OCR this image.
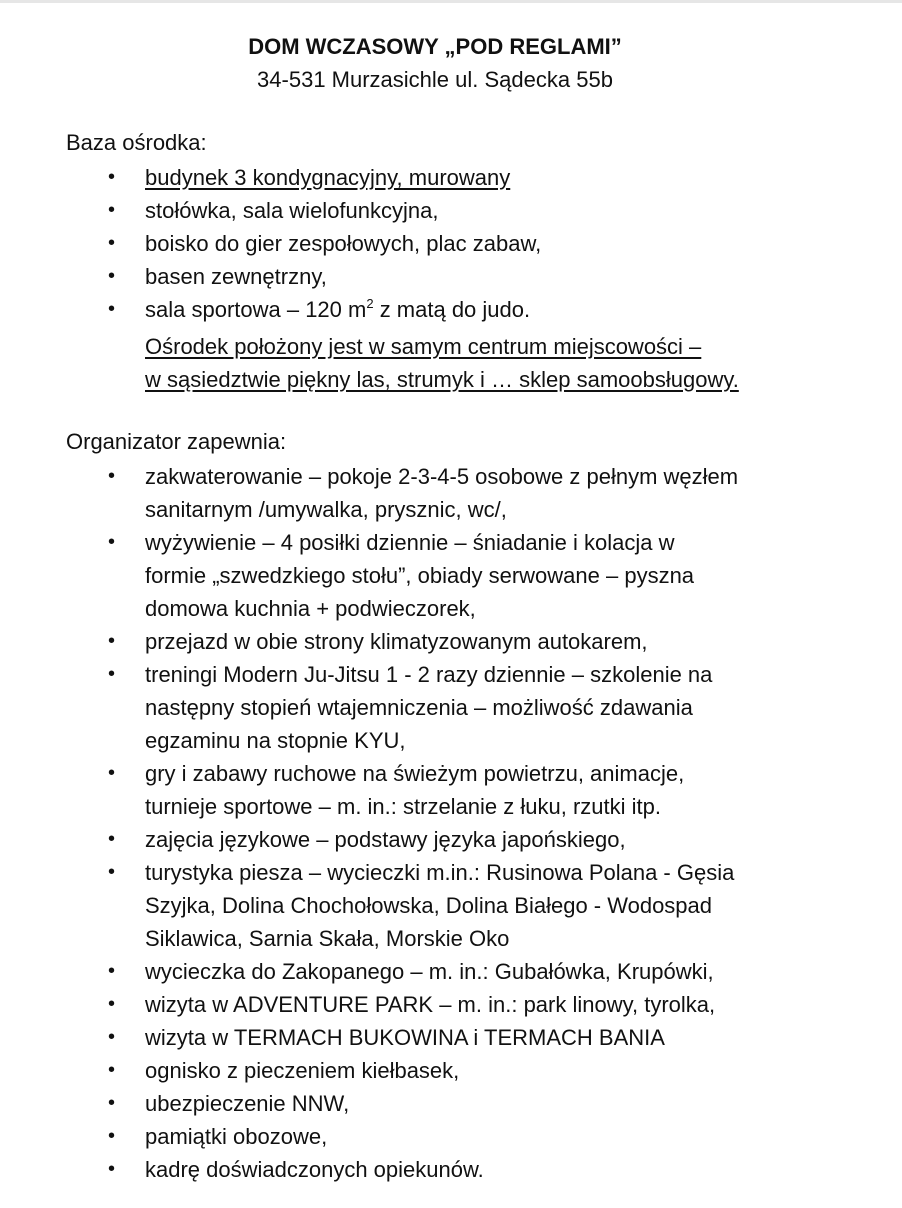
DOM WCZASOWY „POD REGLAMI”
34-531 Murzasichle ul. Sądecka 55b
Baza ośrodka:
• budynek 3 kondygnacyjny, murowany
• stołówka, sala wielofunkcyjna,
• boisko do gier zespołowych, plac zabaw,
• basen zewnętrzny,
• sala sportowa – 120 $m^2$ z matą do judo.
Ośrodek położony jest w samym centrum miejscowości –
w sąsiedztwie piękny las, strumyk i … sklep samoobsługowy.
Organizator zapewnia:
• zakwaterowanie – pokoje 2-3-4-5 osobowe z pełnym węzłem
sanitarnym /umywalka, prysznic, wc/,
• wyżywienie – 4 posiłki dziennie – śniadanie i kolacja w
formie „szwedzkiego stołu”, obiady serwowane – pyszna
domowa kuchnia + podwieczorek,
• przejazd w obie strony klimatyzowanym autokarem,
• treningi Modern Ju-Jitsu 1 - 2 razy dziennie – szkolenie na
następny stopień wtajemniczenia – możliwość zdawania
egzaminu na stopnie KYU,
• gry i zabawy ruchowe na świeżym powietrzu, animacje,
turnieje sportowe – m. in.: strzelanie z łuku, rzutki itp.
• zajęcia językowe – podstawy języka japońskiego,
• turystyka piesza – wycieczki m.in.: Rusinowa Polana - Gęsia
Szyjka, Dolina Chochołowska, Dolina Białego - Wodospad
Siklawica, Sarnia Skała, Morskie Oko
• wycieczka do Zakopanego – m. in.: Gubałówka, Krupówki,
• wizyta w ADVENTURE PARK – m. in.: park linowy, tyrolka,
• wizyta w TERMACH BUKOWINA i TERMACH BANIA
• ognisko z pieczeniem kiełbasek,
• ubezpieczenie NNW,
• pamiątki obozowe,
• kadrę doświadczonych opiekunów.
